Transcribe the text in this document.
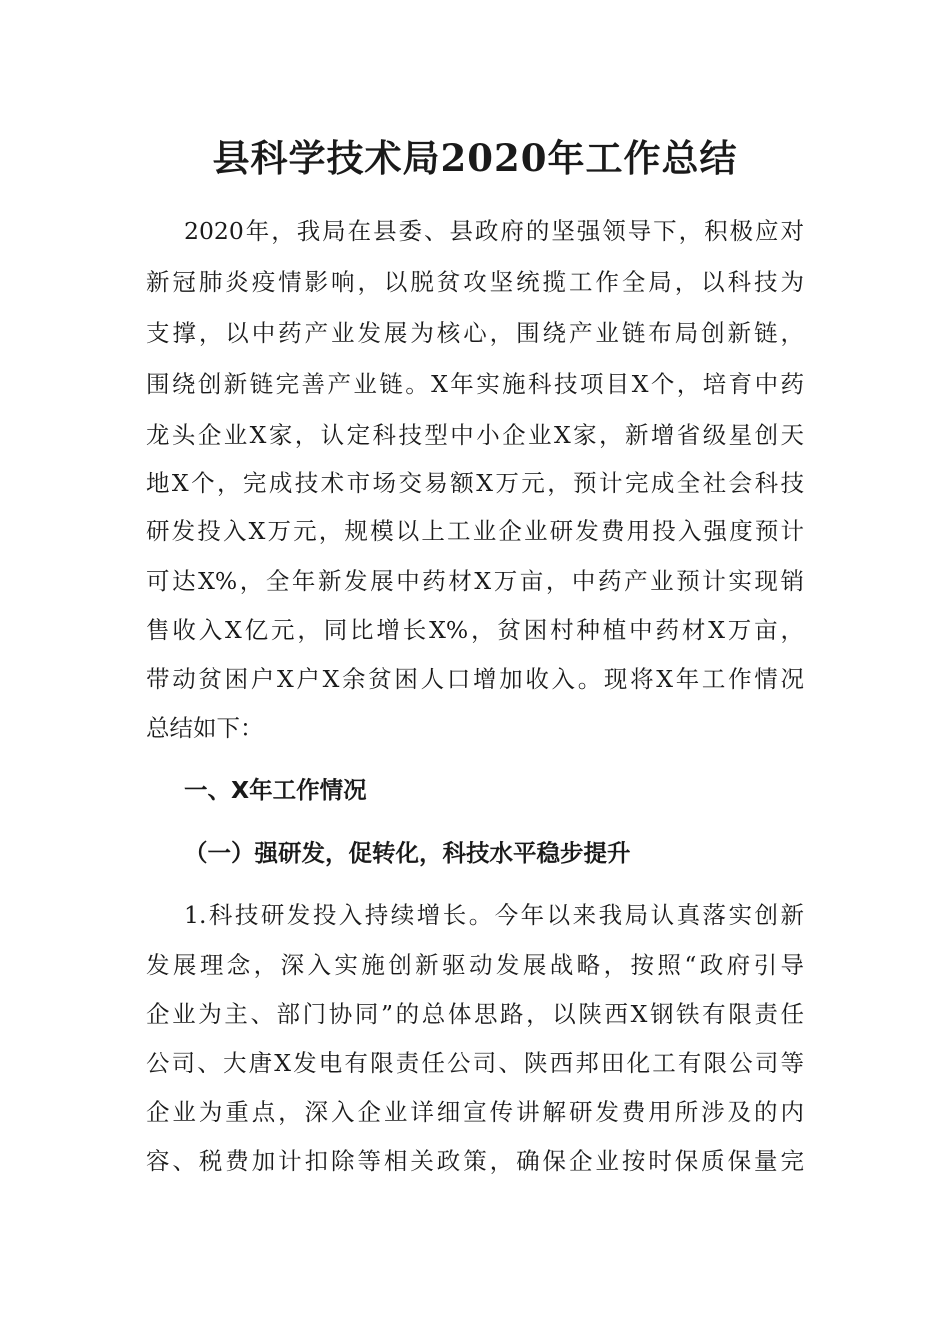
县科学技术局2020年工作总结
2020年，我局在县委、县政府的坚强领导下，积极应对
新冠肺炎疫情影响，以脱贫攻坚统揽工作全局，以科技为
支撑，以中药产业发展为核心，围绕产业链布局创新链，
围绕创新链完善产业链。X年实施科技项目X个，培育中药
龙头企业X家，认定科技型中小企业X家，新增省级星创天
地X个，完成技术市场交易额X万元，预计完成全社会科技
研发投入X万元，规模以上工业企业研发费用投入强度预计
可达X%，全年新发展中药材X万亩，中药产业预计实现销
售收入X亿元，同比增长X%，贫困村种植中药材X万亩，
带动贫困户X户X余贫困人口增加收入。现将X年工作情况
总结如下：
一、X年工作情况
（一）强研发，促转化，科技水平稳步提升
1.科技研发投入持续增长。今年以来我局认真落实创新
发展理念，深入实施创新驱动发展战略，按照“政府引导
企业为主、部门协同”的总体思路，以陕西X钢铁有限责任
公司、大唐X发电有限责任公司、陕西邦田化工有限公司等
企业为重点，深入企业详细宣传讲解研发费用所涉及的内
容、税费加计扣除等相关政策，确保企业按时保质保量完
